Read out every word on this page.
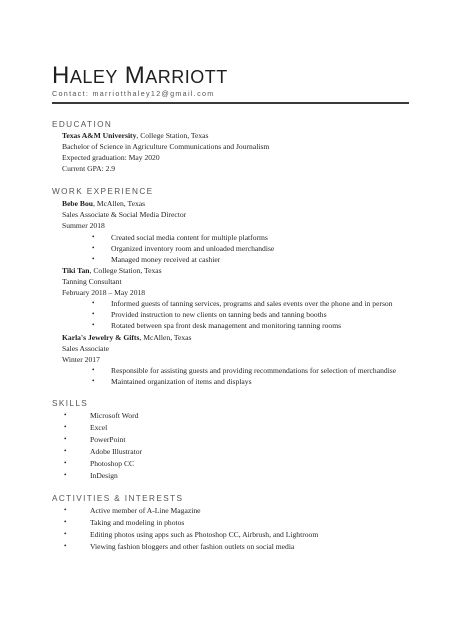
HALEY MARRIOTT
Contact: marriotthaley12@gmail.com
EDUCATION
Texas A&M University, College Station, Texas
Bachelor of Science in Agriculture Communications and Journalism
Expected graduation: May 2020
Current GPA: 2.9
WORK EXPERIENCE
Bebe Bou, McAllen, Texas
Sales Associate & Social Media Director
Summer 2018
• Created social media content for multiple platforms
• Organized inventory room and unloaded merchandise
• Managed money received at cashier
Tiki Tan, College Station, Texas
Tanning Consultant
February 2018 – May 2018
• Informed guests of tanning services, programs and sales events over the phone and in person
• Provided instruction to new clients on tanning beds and tanning booths
• Rotated between spa front desk management and monitoring tanning rooms
Karla's Jewelry & Gifts, McAllen, Texas
Sales Associate
Winter 2017
• Responsible for assisting guests and providing recommendations for selection of merchandise
• Maintained organization of items and displays
SKILLS
•	Microsoft Word
•	Excel
•	PowerPoint
•	Adobe Illustrator
•	Photoshop CC
•	InDesign
ACTIVITIES & INTERESTS
•	Active member of A-Line Magazine
•	Taking and modeling in photos
•	Editing photos using apps such as Photoshop CC, Airbrush, and Lightroom
•	Viewing fashion bloggers and other fashion outlets on social media
